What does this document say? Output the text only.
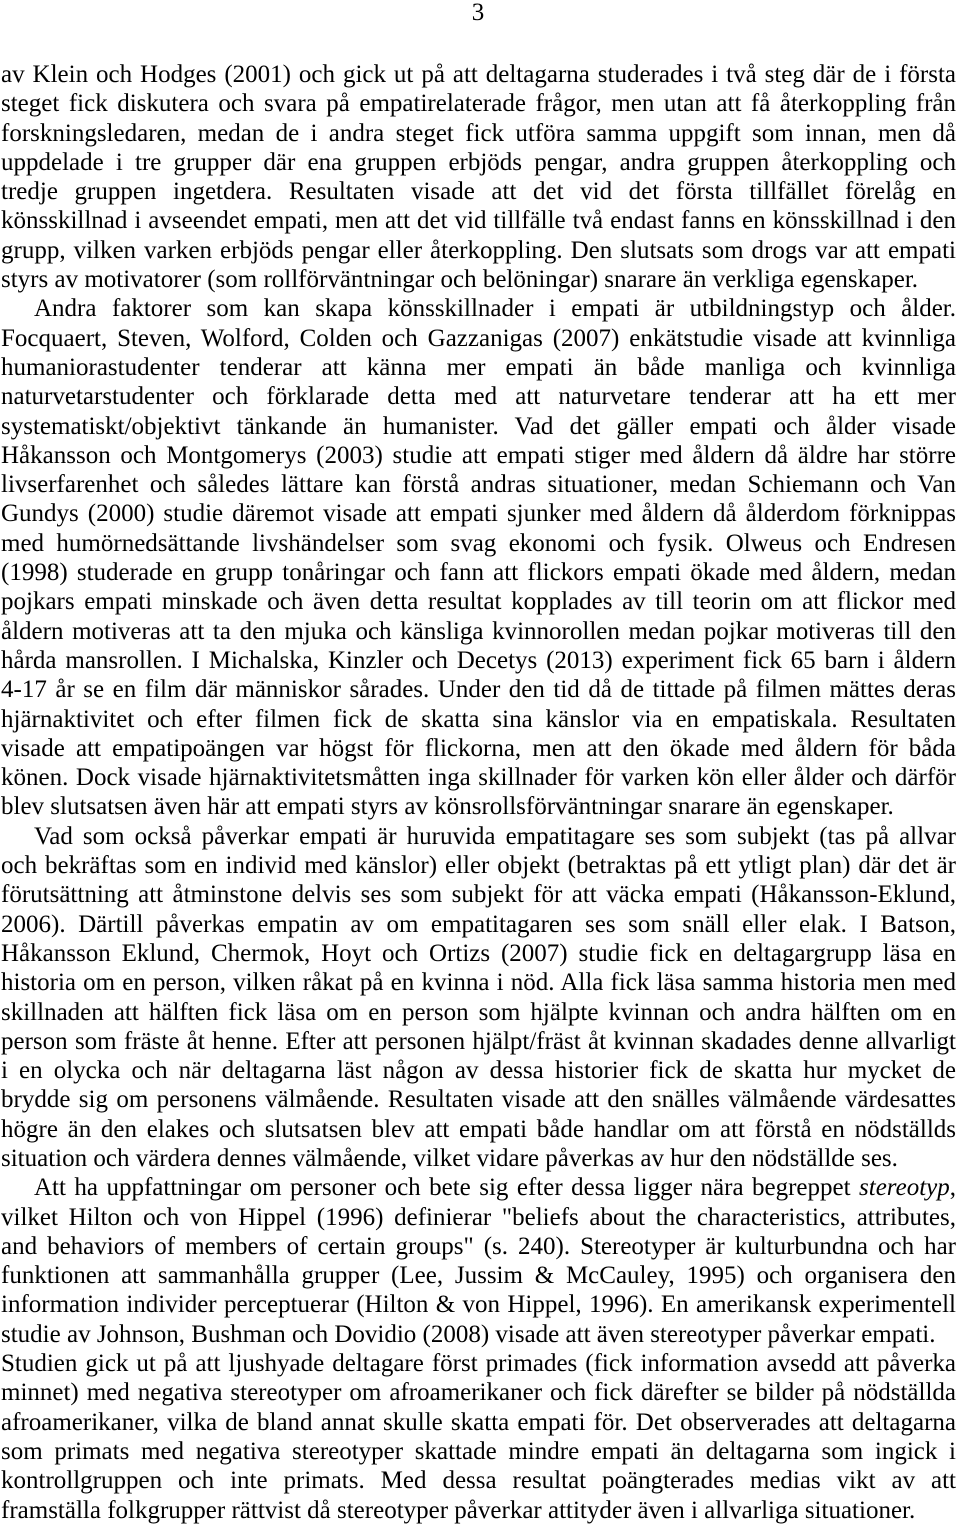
3
av Klein och Hodges (2001) och gick ut på att deltagarna studerades i två steg där de i första
steget fick diskutera och svara på empatirelaterade frågor, men utan att få återkoppling från
forskningsledaren, medan de i andra steget fick utföra samma uppgift som innan, men då
uppdelade i tre grupper där ena gruppen erbjöds pengar, andra gruppen återkoppling och
tredje gruppen ingetdera. Resultaten visade att det vid det första tillfället förelåg en
könsskillnad i avseendet empati, men att det vid tillfälle två endast fanns en könsskillnad i den
grupp, vilken varken erbjöds pengar eller återkoppling. Den slutsats som drogs var att empati
styrs av motivatorer (som rollförväntningar och belöningar) snarare än verkliga egenskaper.
Andra faktorer som kan skapa könsskillnader i empati är utbildningstyp och ålder.
Focquaert, Steven, Wolford, Colden och Gazzanigas (2007) enkätstudie visade att kvinnliga
humaniorastudenter tenderar att känna mer empati än både manliga och kvinnliga
naturvetarstudenter och förklarade detta med att naturvetare tenderar att ha ett mer
systematiskt/objektivt tänkande än humanister. Vad det gäller empati och ålder visade
Håkansson och Montgomerys (2003) studie att empati stiger med åldern då äldre har större
livserfarenhet och således lättare kan förstå andras situationer, medan Schiemann och Van
Gundys (2000) studie däremot visade att empati sjunker med åldern då ålderdom förknippas
med humörnedsättande livshändelser som svag ekonomi och fysik. Olweus och Endresen
(1998) studerade en grupp tonåringar och fann att flickors empati ökade med åldern, medan
pojkars empati minskade och även detta resultat kopplades av till teorin om att flickor med
åldern motiveras att ta den mjuka och känsliga kvinnorollen medan pojkar motiveras till den
hårda mansrollen. I Michalska, Kinzler och Decetys (2013) experiment fick 65 barn i åldern
4-17 år se en film där människor sårades. Under den tid då de tittade på filmen mättes deras
hjärnaktivitet och efter filmen fick de skatta sina känslor via en empatiskala. Resultaten
visade att empatipoängen var högst för flickorna, men att den ökade med åldern för båda
könen. Dock visade hjärnaktivitetsmåtten inga skillnader för varken kön eller ålder och därför
blev slutsatsen även här att empati styrs av könsrollsförväntningar snarare än egenskaper.
Vad som också påverkar empati är huruvida empatitagare ses som subjekt (tas på allvar
och bekräftas som en individ med känslor) eller objekt (betraktas på ett ytligt plan) där det är
förutsättning att åtminstone delvis ses som subjekt för att väcka empati (Håkansson-Eklund,
2006). Därtill påverkas empatin av om empatitagaren ses som snäll eller elak. I Batson,
Håkansson Eklund, Chermok, Hoyt och Ortizs (2007) studie fick en deltagargrupp läsa en
historia om en person, vilken råkat på en kvinna i nöd. Alla fick läsa samma historia men med
skillnaden att hälften fick läsa om en person som hjälpte kvinnan och andra hälften om en
person som fräste åt henne. Efter att personen hjälpt/fräst åt kvinnan skadades denne allvarligt
i en olycka och när deltagarna läst någon av dessa historier fick de skatta hur mycket de
brydde sig om personens välmående. Resultaten visade att den snälles välmående värdesattes
högre än den elakes och slutsatsen blev att empati både handlar om att förstå en nödställds
situation och värdera dennes välmående, vilket vidare påverkas av hur den nödställde ses.
Att ha uppfattningar om personer och bete sig efter dessa ligger nära begreppet stereotyp,
vilket Hilton och von Hippel (1996) definierar "beliefs about the characteristics, attributes,
and behaviors of members of certain groups" (s. 240). Stereotyper är kulturbundna och har
funktionen att sammanhålla grupper (Lee, Jussim & McCauley, 1995) och organisera den
information individer perceptuerar (Hilton & von Hippel, 1996). En amerikansk experimentell
studie av Johnson, Bushman och Dovidio (2008) visade att även stereotyper påverkar empati.
Studien gick ut på att ljushyade deltagare först primades (fick information avsedd att påverka
minnet) med negativa stereotyper om afroamerikaner och fick därefter se bilder på nödställda
afroamerikaner, vilka de bland annat skulle skatta empati för. Det observerades att deltagarna
som primats med negativa stereotyper skattade mindre empati än deltagarna som ingick i
kontrollgruppen och inte primats. Med dessa resultat poängterades medias vikt av att
framställa folkgrupper rättvist då stereotyper påverkar attityder även i allvarliga situationer.
